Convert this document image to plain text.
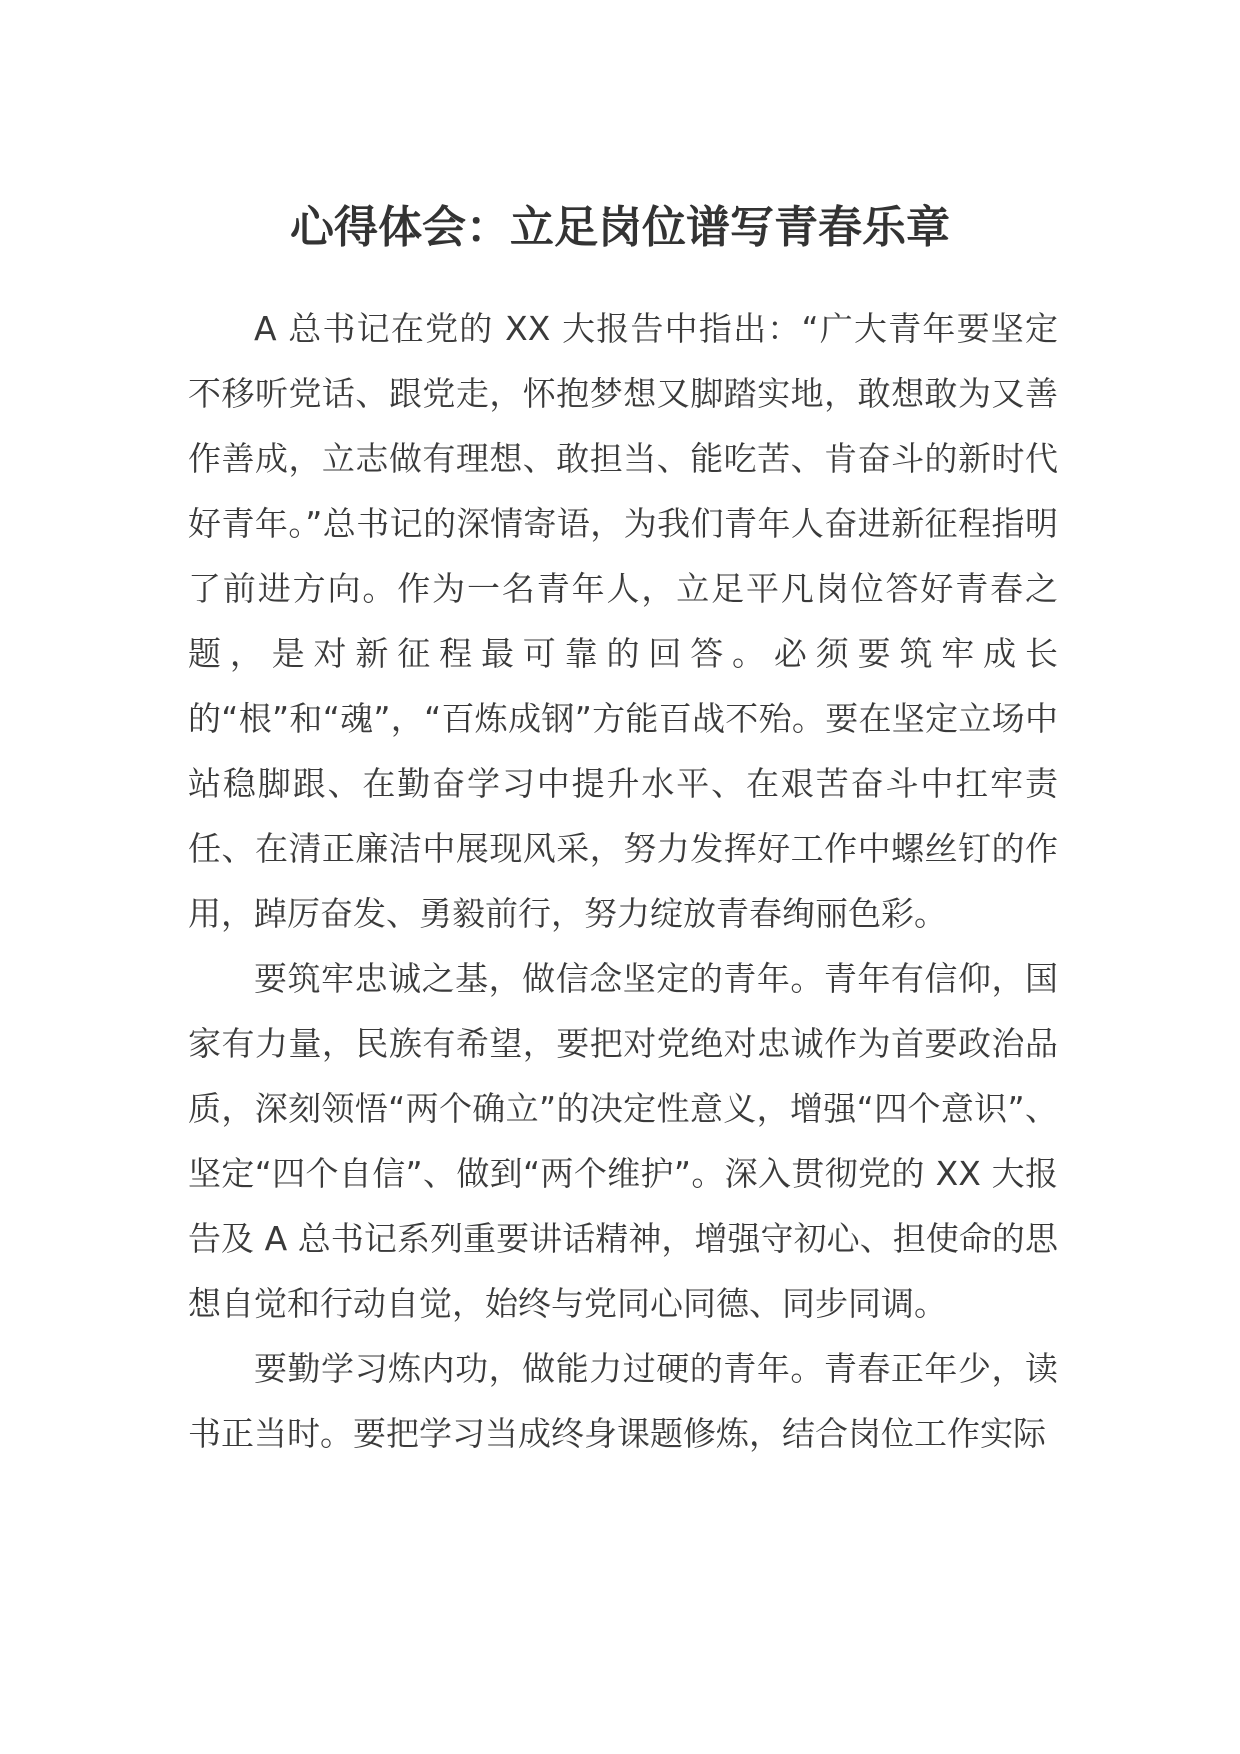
心得体会：立足岗位谱写青春乐章

A 总书记在党的 XX 大报告中指出：“广大青年要坚定不移听党话、跟党走，怀抱梦想又脚踏实地，敢想敢为又善作善成，立志做有理想、敢担当、能吃苦、肯奋斗的新时代好青年。”总书记的深情寄语，为我们青年人奋进新征程指明了前进方向。作为一名青年人，立足平凡岗位答好青春之题，是对新征程最可靠的回答。必须要筑牢成长的“根”和“魂”，“百炼成钢”方能百战不殆。要在坚定立场中站稳脚跟、在勤奋学习中提升水平、在艰苦奋斗中扛牢责任、在清正廉洁中展现风采，努力发挥好工作中螺丝钉的作用，踔厉奋发、勇毅前行，努力绽放青春绚丽色彩。

要筑牢忠诚之基，做信念坚定的青年。青年有信仰，国家有力量，民族有希望，要把对党绝对忠诚作为首要政治品质，深刻领悟“两个确立”的决定性意义，增强“四个意识”、坚定“四个自信”、做到“两个维护”。深入贯彻党的 XX 大报告及 A 总书记系列重要讲话精神，增强守初心、担使命的思想自觉和行动自觉，始终与党同心同德、同步同调。

要勤学习炼内功，做能力过硬的青年。青春正年少，读书正当时。要把学习当成终身课题修炼，结合岗位工作实际
